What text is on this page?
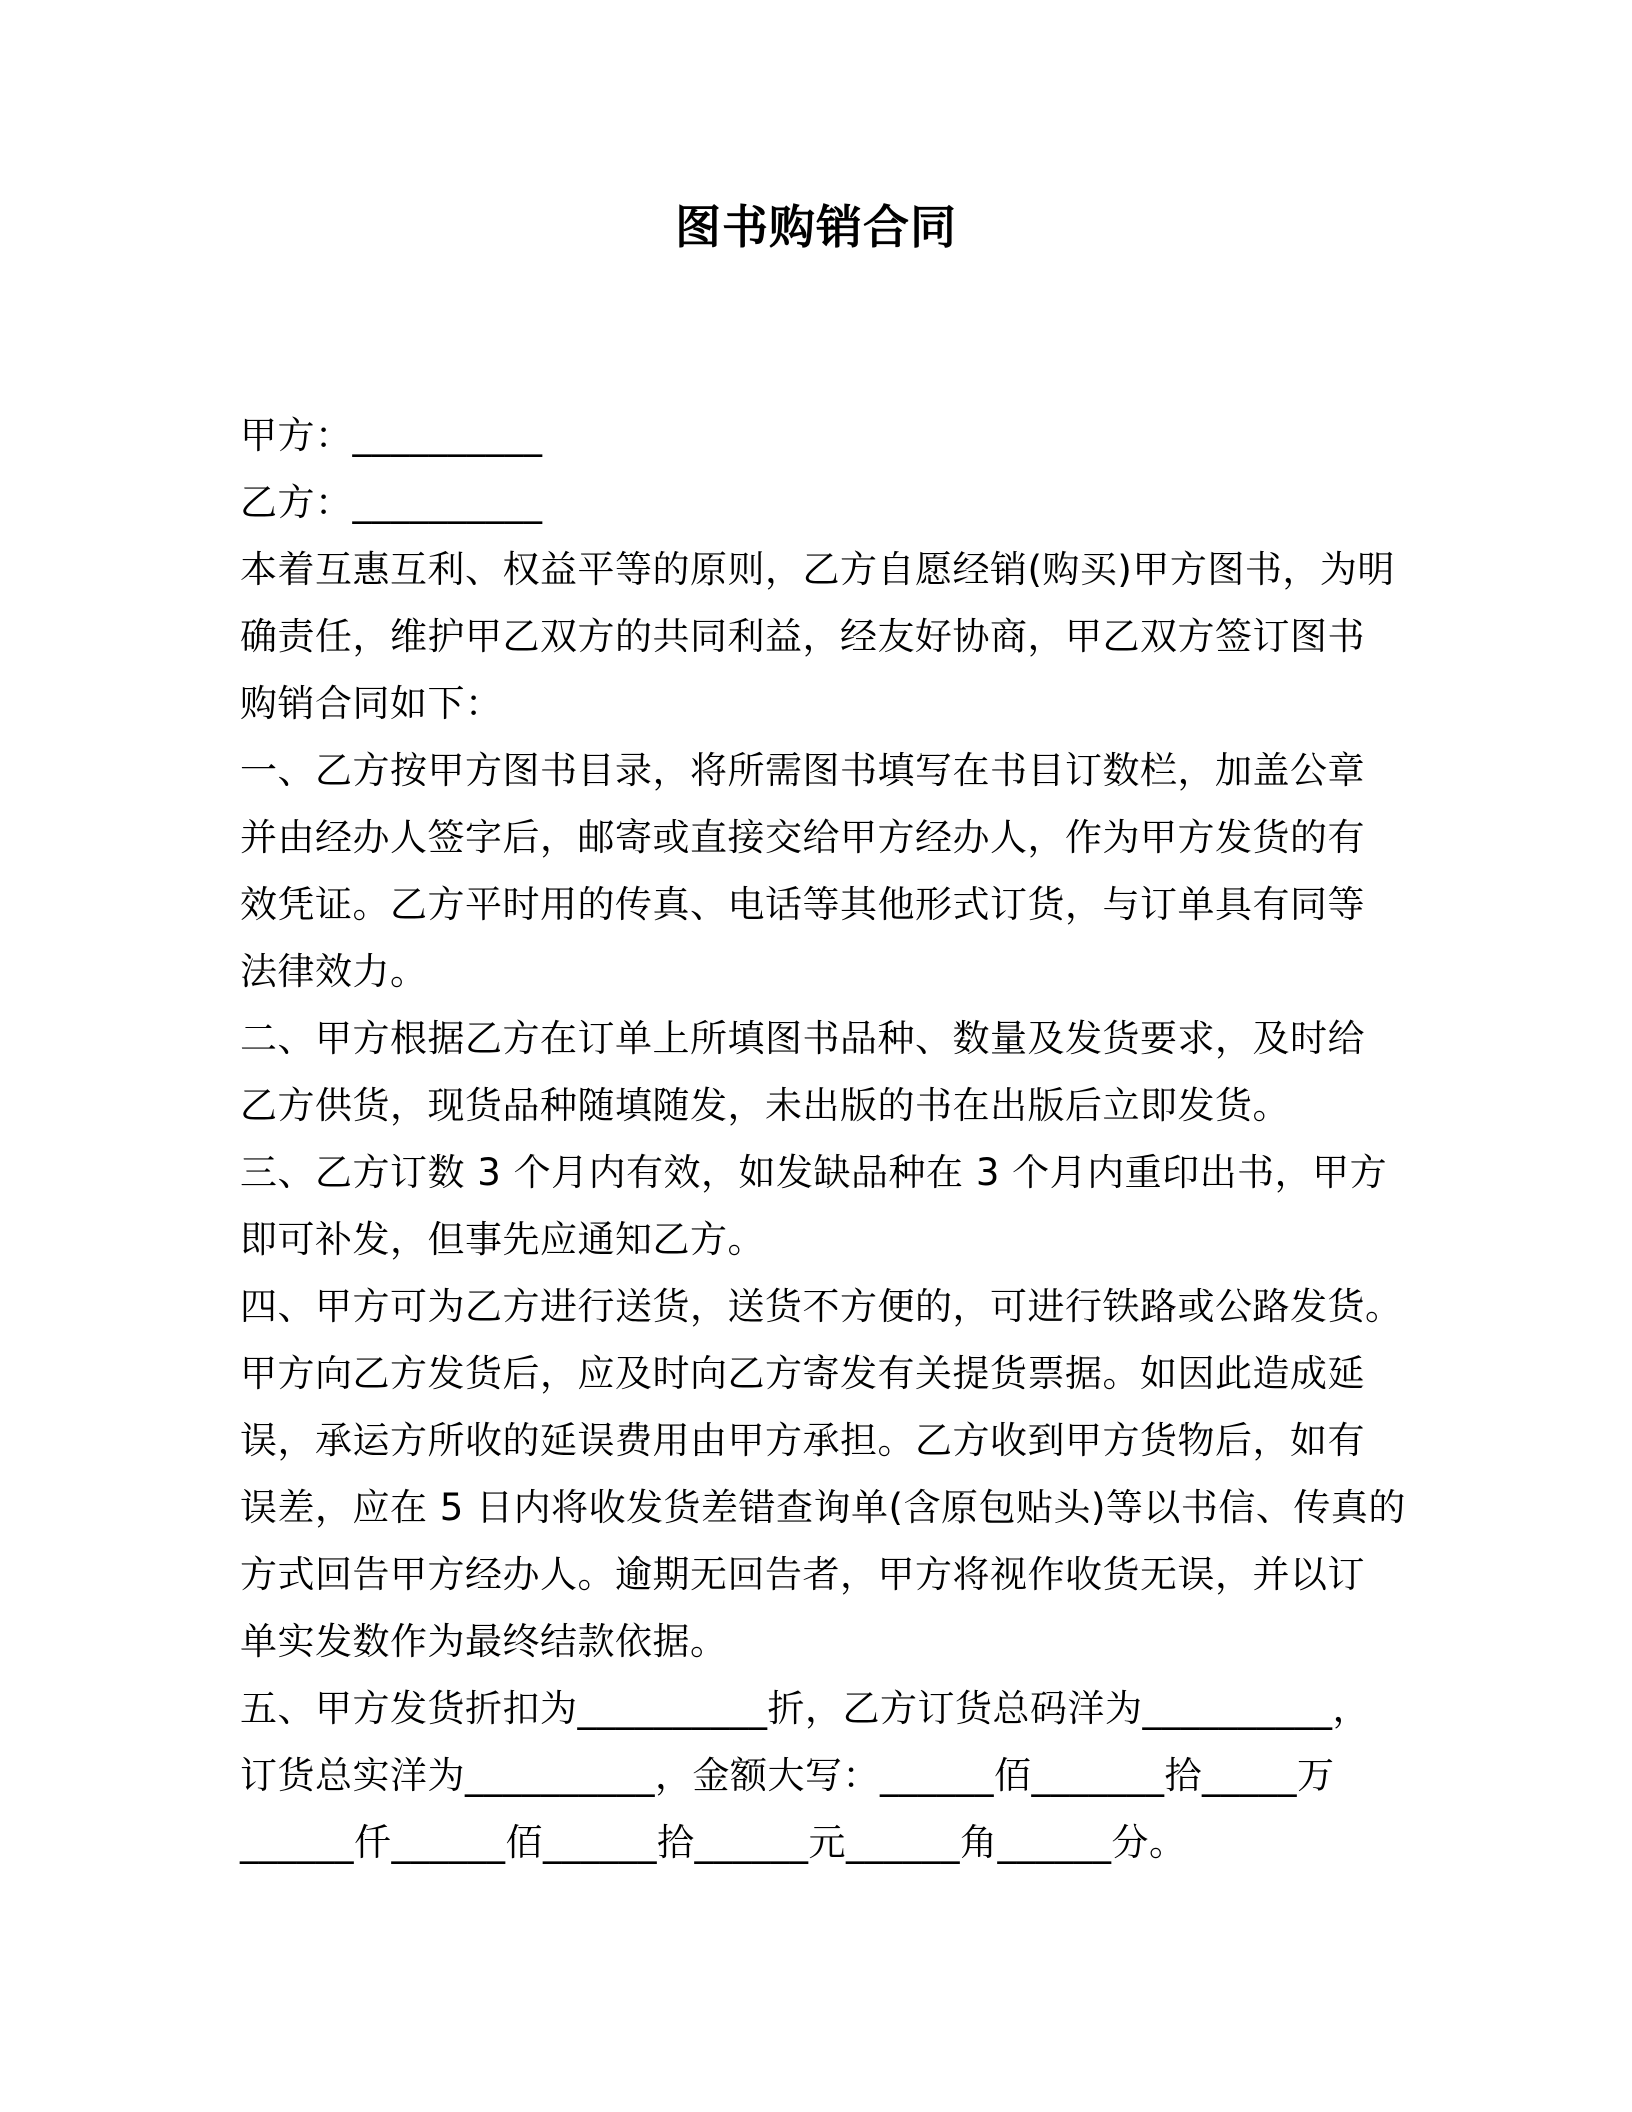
图书购销合同
甲方：__________
乙方：__________
本着互惠互利、权益平等的原则，乙方自愿经销(购买)甲方图书，为明
确责任，维护甲乙双方的共同利益，经友好协商，甲乙双方签订图书
购销合同如下：
一、乙方按甲方图书目录，将所需图书填写在书目订数栏，加盖公章
并由经办人签字后，邮寄或直接交给甲方经办人，作为甲方发货的有
效凭证。乙方平时用的传真、电话等其他形式订货，与订单具有同等
法律效力。
二、甲方根据乙方在订单上所填图书品种、数量及发货要求，及时给
乙方供货，现货品种随填随发，未出版的书在出版后立即发货。
三、乙方订数 3 个月内有效，如发缺品种在 3 个月内重印出书，甲方
即可补发，但事先应通知乙方。
四、甲方可为乙方进行送货，送货不方便的，可进行铁路或公路发货。
甲方向乙方发货后，应及时向乙方寄发有关提货票据。如因此造成延
误，承运方所收的延误费用由甲方承担。乙方收到甲方货物后，如有
误差，应在 5 日内将收发货差错查询单(含原包贴头)等以书信、传真的
方式回告甲方经办人。逾期无回告者，甲方将视作收货无误，并以订
单实发数作为最终结款依据。
五、甲方发货折扣为__________折，乙方订货总码洋为__________，
订货总实洋为__________，金额大写：______佰_______拾_____万
______仟______佰______拾______元______角______分。
